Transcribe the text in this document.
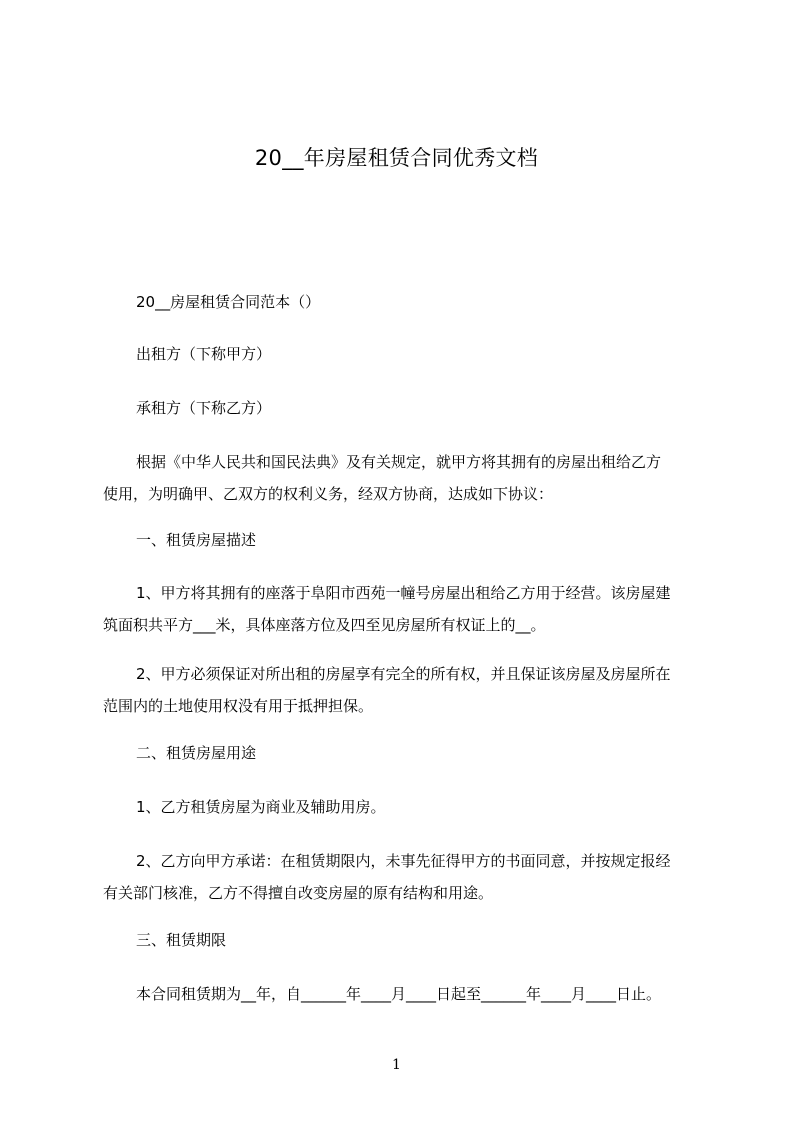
20__年房屋租赁合同优秀文档
20__房屋租赁合同范本（）
出租方（下称甲方）
承租方（下称乙方）
根据《中华人民共和国民法典》及有关规定，就甲方将其拥有的房屋出租给乙方
使用，为明确甲、乙双方的权利义务，经双方协商，达成如下协议：
一、租赁房屋描述
1、甲方将其拥有的座落于阜阳市西苑一幢号房屋出租给乙方用于经营。该房屋建
筑面积共平方___米，具体座落方位及四至见房屋所有权证上的__。
2、甲方必须保证对所出租的房屋享有完全的所有权，并且保证该房屋及房屋所在
范围内的土地使用权没有用于抵押担保。
二、租赁房屋用途
1、乙方租赁房屋为商业及辅助用房。
2、乙方向甲方承诺：在租赁期限内，未事先征得甲方的书面同意，并按规定报经
有关部门核准，乙方不得擅自改变房屋的原有结构和用途。
三、租赁期限
本合同租赁期为__年，自______年____月____日起至______年____月____日止。
1
